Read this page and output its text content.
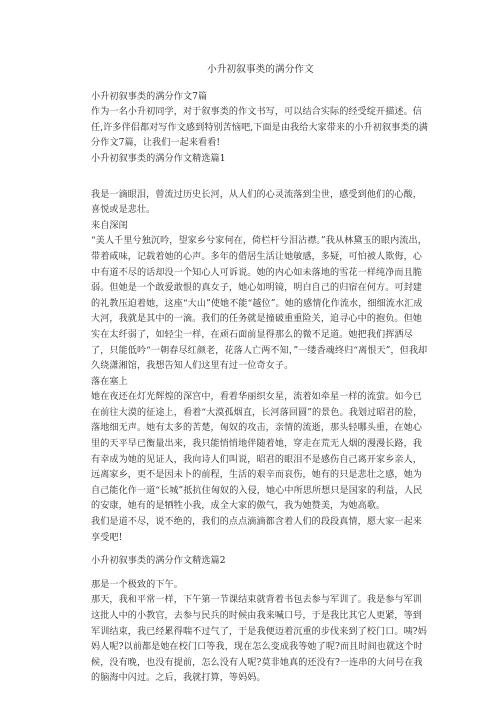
小升初叙事类的满分作文
小升初叙事类的满分作文7篇
作为一名小升初同学，对于叙事类的作文书写，可以结合实际的经受绽开描述。信任,许多伴侣都对写作文感到特别苦恼吧,下面是由我给大家带来的小升初叙事类的满分作文7篇，让我们一起来看看!
小升初叙事类的满分作文精选篇1
我是一滴眼泪，曾流过历史长河，从人们的心灵流落到尘世，感受到他们的心酸，喜悦或是悲壮。
来自深闺
“美人千里兮独沉吟，望家乡兮家何在，倚栏杆兮泪沾襟。”我从林黛玉的眼内流出，带着咸味，记载着她的心声。多年的借居生活让她敏感，多疑，可怕被人欺侮，心中有道不尽的话却没一个知心人可诉说。她的内心如未落地的雪花一样纯净而且脆弱。但她是一个敢爱敢恨的真女子，她心如明镜，明白自己的归宿在何方。可封建的礼教压迫着她，这座“大山”使她不能“越位”。她的感情化作流水，细细流水汇成大河，我就是其中的一滴。我们的任务就是撞破重重险关，追寻心中的抱负。但她实在太纤弱了，如轻尘一样，在顽石面前显得那么的微不足道。她把我们挥洒尽了，只能低吟“一朝春尽红颜老，花落人亡两不知，”一缕香魂终归“离恨天”，但我却久绕潇湘馆，我想告知人们这里有过一位奇女子。
落在塞上
她在夜还在灯光辉煌的深宫中，看着华丽织女星，流着如牵星一样的流萤。如今已在前往大漠的征途上，看着“大漠孤烟直，长河落回圆”的景色。我划过昭君的脸，落地细无声。她有太多的苦楚，匈奴的攻击，亲情的流逝，那头轻哪头重，在她心里的天平早已衡量出来，我只能悄悄地伴随着她，穿走在荒无人烟的漫漫长路，我有幸成为她的见证人，我向诗人们叫说，昭君的眼泪不是感伤自己离开家乡亲人，远离家乡，更不是因未卜的前程，生活的艰辛而哀伤，她有的只是悲壮之感，她为自己能化作一道“长城”抵抗住匈奴的入侵，她心中所思所想只是国家的利益，人民的安康，她有的是牺牲小我，成全大家的傲气，我为她赞美，为她高歌。
我们是道不尽，说不绝的，我们的点点滴滴都含着人们的段段真情，愿大家一起来享受吧!
小升初叙事类的满分作文精选篇2
那是一个极致的下午。
那天，我和平常一样，下午第一节课结束就背着书包去参与军训了。我是参与军训这批人中的小教官，去参与民兵的时候由我来喊口号，于是我比其它人更紧，等到军训结束，我已经累得喘不过气了，于是我便迈着沉重的步伐来到了校门口。咦?妈妈人呢?以前都是她在校门口等我，现在怎么变成我等她了呢?而且时间也就这个时候，没有晚，也没有提前，怎么没有人呢?莫非她真的还没有?一连串的大问号在我的脑海中闪过。之后，我就打算，等妈妈。
